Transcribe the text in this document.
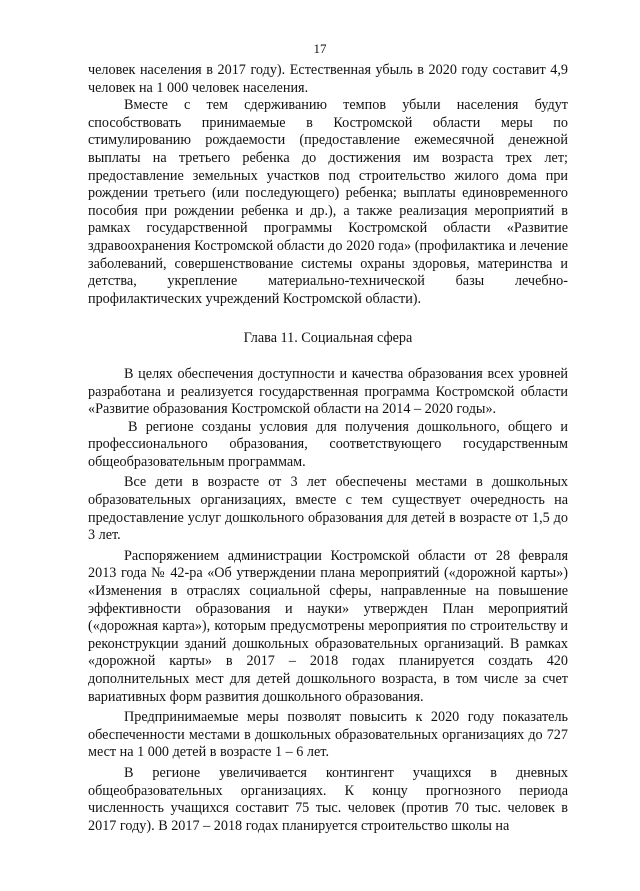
17

человек населения в 2017 году). Естественная убыль в 2020 году составит 4,9 человек на 1 000 человек населения.

Вместе с тем сдерживанию темпов убыли населения будут способствовать принимаемые в Костромской области меры по стимулированию рождаемости (предоставление ежемесячной денежной выплаты на третьего ребенка до достижения им возраста трех лет; предоставление земельных участков под строительство жилого дома при рождении третьего (или последующего) ребенка; выплаты единовременного пособия при рождении ребенка и др.), а также реализация мероприятий в рамках государственной программы Костромской области «Развитие здравоохранения Костромской области до 2020 года» (профилактика и лечение заболеваний, совершенствование системы охраны здоровья, материнства и детства, укрепление материально-технической базы лечебно-профилактических учреждений Костромской области).

Глава 11. Социальная сфера

В целях обеспечения доступности и качества образования всех уровней разработана и реализуется государственная программа Костромской области «Развитие образования Костромской области на 2014 – 2020 годы».

В регионе созданы условия для получения дошкольного, общего и профессионального образования, соответствующего государственным общеобразовательным программам.

Все дети в возрасте от 3 лет обеспечены местами в дошкольных образовательных организациях, вместе с тем существует очередность на предоставление услуг дошкольного образования для детей в возрасте от 1,5 до 3 лет.

Распоряжением администрации Костромской области от 28 февраля 2013 года № 42-ра «Об утверждении плана мероприятий («дорожной карты») «Изменения в отраслях социальной сферы, направленные на повышение эффективности образования и науки» утвержден План мероприятий («дорожная карта»), которым предусмотрены мероприятия по строительству и реконструкции зданий дошкольных образовательных организаций. В рамках «дорожной карты» в 2017 – 2018 годах планируется создать 420 дополнительных мест для детей дошкольного возраста, в том числе за счет вариативных форм развития дошкольного образования.

Предпринимаемые меры позволят повысить к 2020 году показатель обеспеченности местами в дошкольных образовательных организациях до 727 мест на 1 000 детей в возрасте 1 – 6 лет.

В регионе увеличивается контингент учащихся в дневных общеобразовательных организациях. К концу прогнозного периода численность учащихся составит 75 тыс. человек (против 70 тыс. человек в 2017 году). В 2017 – 2018 годах планируется строительство школы на
